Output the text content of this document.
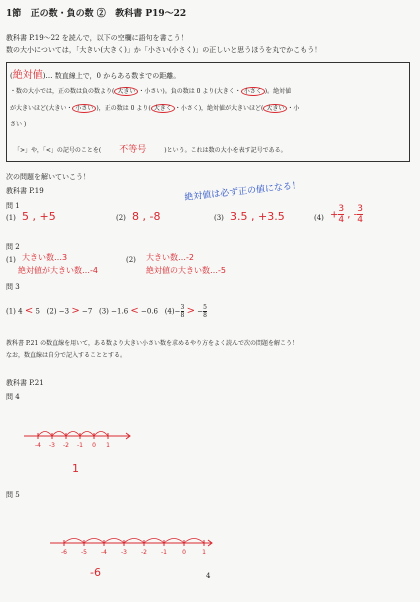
1節 正の数・負の数 ② 教科書 P19～22
教科書 P.19～22 を読んで，以下の空欄に語句を書こう！
数の大小については，「大きい(大きく)」か「小さい(小さく)」の正しいと思うほうを丸でかこもう！
(絶対値)… 数直線上で，0 からある数までの距離。
・数の大小では，正の数は負の数より( 大きい ・小さい)。負の数は 0 より(大きく・ 小さく )。絶対値
が大きいほど(大きい・ 小さい )，正の数は 0 より( 大きく ・小さく)，絶対値が大きいほど( 大きい ・小
さい )
「>」や，「<」の記号のことを( 不等号	)という。これは数の大小を表す記号である。
次の問題を解いていこう！
教科書 P.19	絶対値は必ず正の値になる！
問 1
(1) 5 , +5	(2) 8 , -8	(3) 3.5 , +3.5	$(4) + \frac{3}{4}$ , - $\frac{3}{4}$
問 2
(1) 大きい数…3
絶対値が大きい数…-4
(2) 大きい数…-2
絶対値の大きい数…-5
問 3
(1) 4 < 5 (2) −3 > −7 (3) −1.6 < −0.6 $(4)- \frac{3}{8}$ > − $\frac{5}{8}$
教科書 P.21 の数直線を用いて，ある数より大きい小さい数を求めるやり方をよく読んで次の問題を解こう！
なお，数直線は自分で記入することとする。
教科書 P.21
問 4
-4 -3 -2 -1 0 1
-6 -5 -4 -3 -2 -1	0	1
1
問 5
-6	4
